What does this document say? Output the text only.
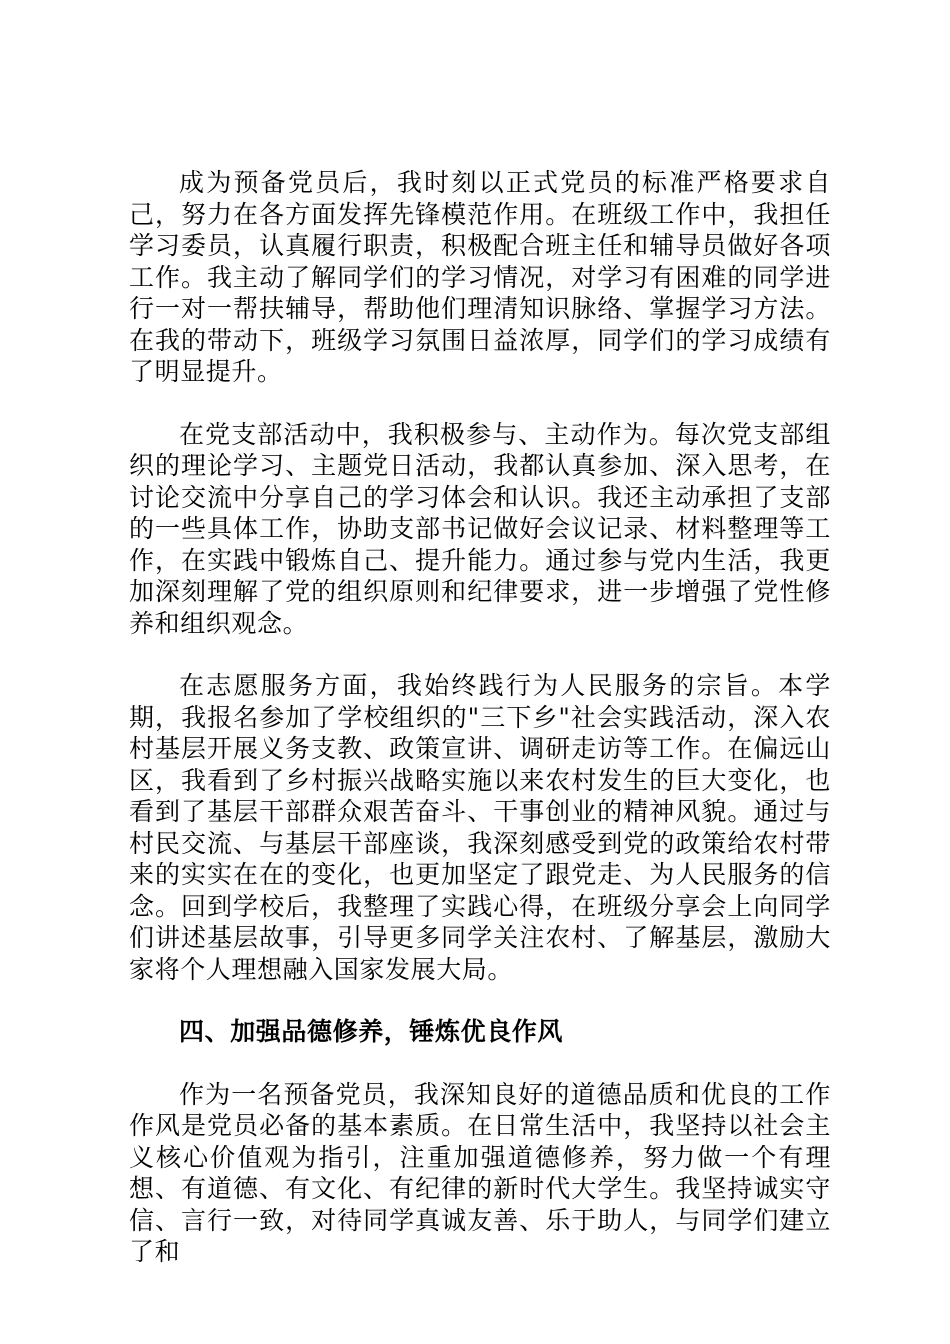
成为预备党员后，我时刻以正式党员的标准严格要求自己，努力在各方面发挥先锋模范作用。在班级工作中，我担任学习委员，认真履行职责，积极配合班主任和辅导员做好各项工作。我主动了解同学们的学习情况，对学习有困难的同学进行一对一帮扶辅导，帮助他们理清知识脉络、掌握学习方法。在我的带动下，班级学习氛围日益浓厚，同学们的学习成绩有了明显提升。

在党支部活动中，我积极参与、主动作为。每次党支部组织的理论学习、主题党日活动，我都认真参加、深入思考，在讨论交流中分享自己的学习体会和认识。我还主动承担了支部的一些具体工作，协助支部书记做好会议记录、材料整理等工作，在实践中锻炼自己、提升能力。通过参与党内生活，我更加深刻理解了党的组织原则和纪律要求，进一步增强了党性修养和组织观念。

在志愿服务方面，我始终践行为人民服务的宗旨。本学期，我报名参加了学校组织的"三下乡"社会实践活动，深入农村基层开展义务支教、政策宣讲、调研走访等工作。在偏远山区，我看到了乡村振兴战略实施以来农村发生的巨大变化，也看到了基层干部群众艰苦奋斗、干事创业的精神风貌。通过与村民交流、与基层干部座谈，我深刻感受到党的政策给农村带来的实实在在的变化，也更加坚定了跟党走、为人民服务的信念。回到学校后，我整理了实践心得，在班级分享会上向同学们讲述基层故事，引导更多同学关注农村、了解基层，激励大家将个人理想融入国家发展大局。

四、加强品德修养，锤炼优良作风

作为一名预备党员，我深知良好的道德品质和优良的工作作风是党员必备的基本素质。在日常生活中，我坚持以社会主义核心价值观为指引，注重加强道德修养，努力做一个有理想、有道德、有文化、有纪律的新时代大学生。我坚持诚实守信、言行一致，对待同学真诚友善、乐于助人，与同学们建立了和
